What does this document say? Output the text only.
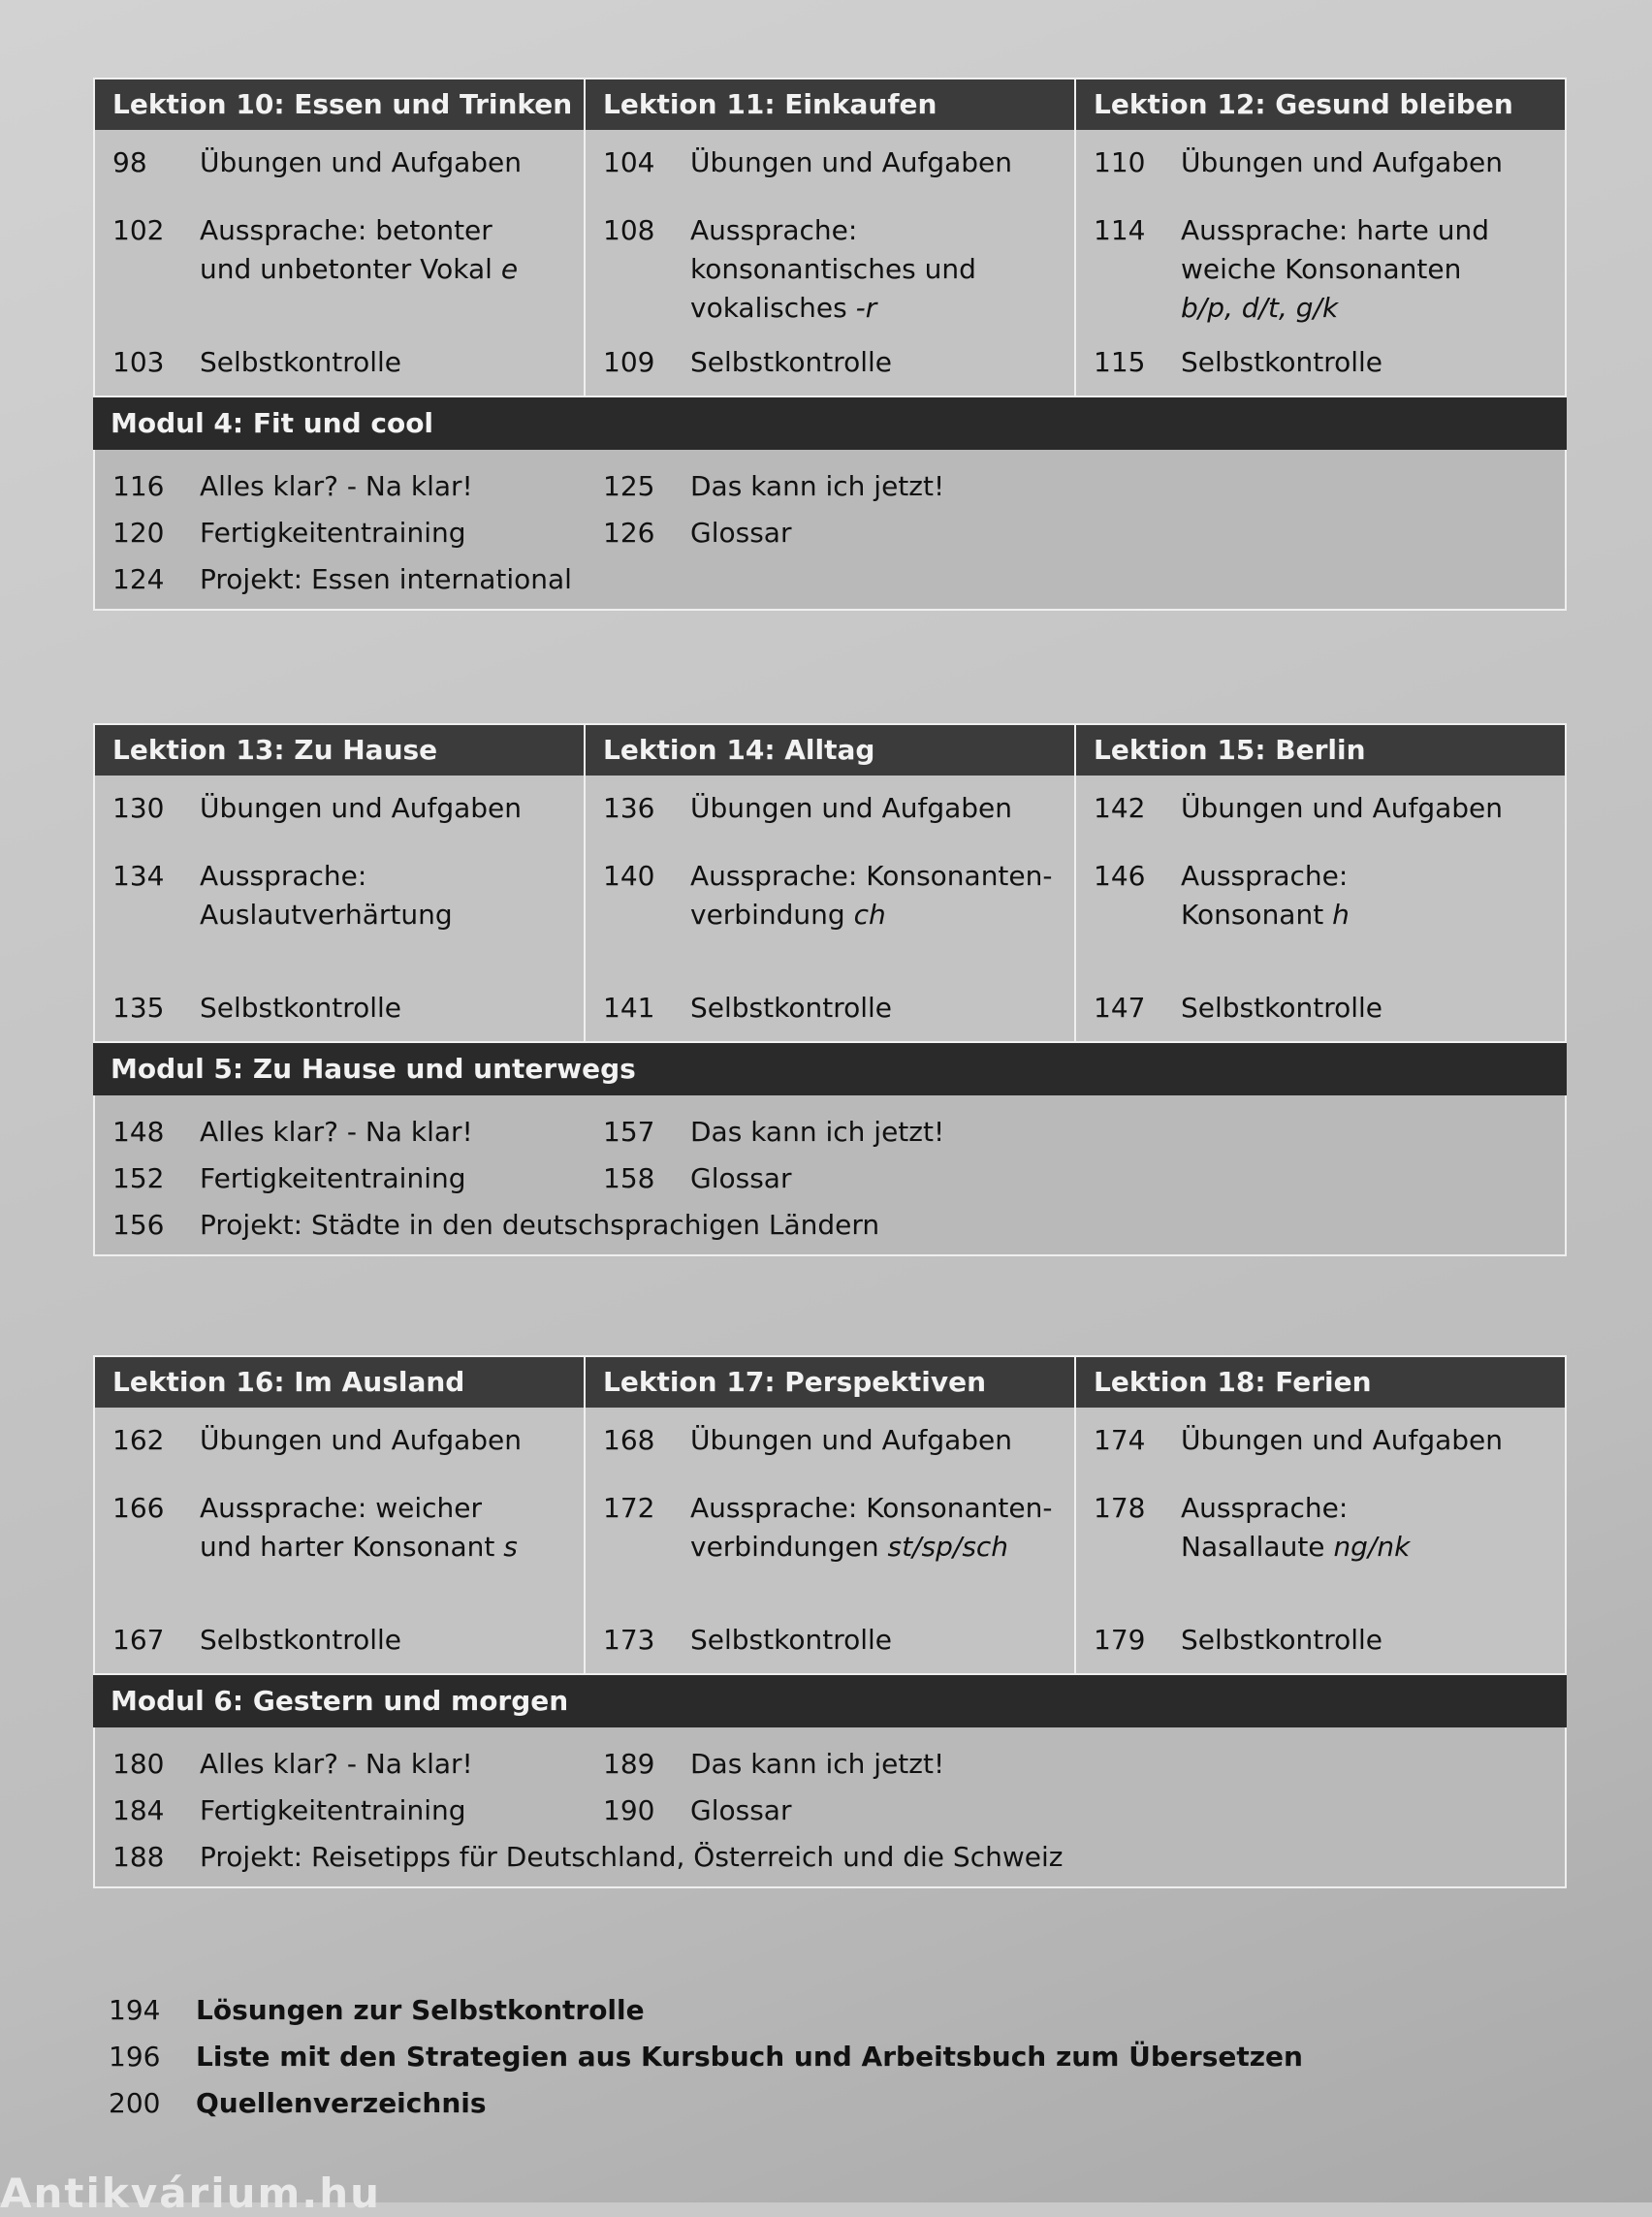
Lektion 10: Essen und Trinken
98	Übungen und Aufgaben
102	Aussprache: betonter
und unbetonter Vokal e
103	Selbstkontrolle
Lektion 11: Einkaufen
104	Übungen und Aufgaben
108	Aussprache:
konsonantisches und
vokalisches -r
109	Selbstkontrolle
Lektion 12: Gesund bleiben
110	Übungen und Aufgaben
114	Aussprache: harte und
weiche Konsonanten
b/p, d/t, g/k
115	Selbstkontrolle
Modul 4: Fit und cool
116	Alles klar? - Na klar!
120	Fertigkeitentraining
124	Projekt: Essen international
125	Das kann ich jetzt!
126	Glossar
Lektion 13: Zu Hause
130	Übungen und Aufgaben
134	Aussprache:
Auslautverhärtung
135	Selbstkontrolle
Lektion 14: Alltag
136	Übungen und Aufgaben
140	Aussprache: Konsonanten-
verbindung ch
141	Selbstkontrolle
Lektion 15: Berlin
142	Übungen und Aufgaben
146	Aussprache:
Konsonant h
147	Selbstkontrolle
Modul 5: Zu Hause und unterwegs
148	Alles klar? - Na klar!
152	Fertigkeitentraining
156	Projekt: Städte in den deutschsprachigen Ländern
157	Das kann ich jetzt!
158	Glossar
Lektion 16: Im Ausland
162	Übungen und Aufgaben
166	Aussprache: weicher
und harter Konsonant s
167	Selbstkontrolle
Lektion 17: Perspektiven
168	Übungen und Aufgaben
172	Aussprache: Konsonanten-
verbindungen st/sp/sch
173	Selbstkontrolle
Lektion 18: Ferien
174	Übungen und Aufgaben
178	Aussprache:
Nasallaute ng/nk
179	Selbstkontrolle
Modul 6: Gestern und morgen
180	Alles klar? - Na klar!
184	Fertigkeitentraining
188	Projekt: Reisetipps für Deutschland, Österreich und die Schweiz
189	Das kann ich jetzt!
190	Glossar
194 Lösungen zur Selbstkontrolle
196 Liste mit den Strategien aus Kursbuch und Arbeitsbuch zum Übersetzen
200 Quellenverzeichnis
Antikvárium.hu
